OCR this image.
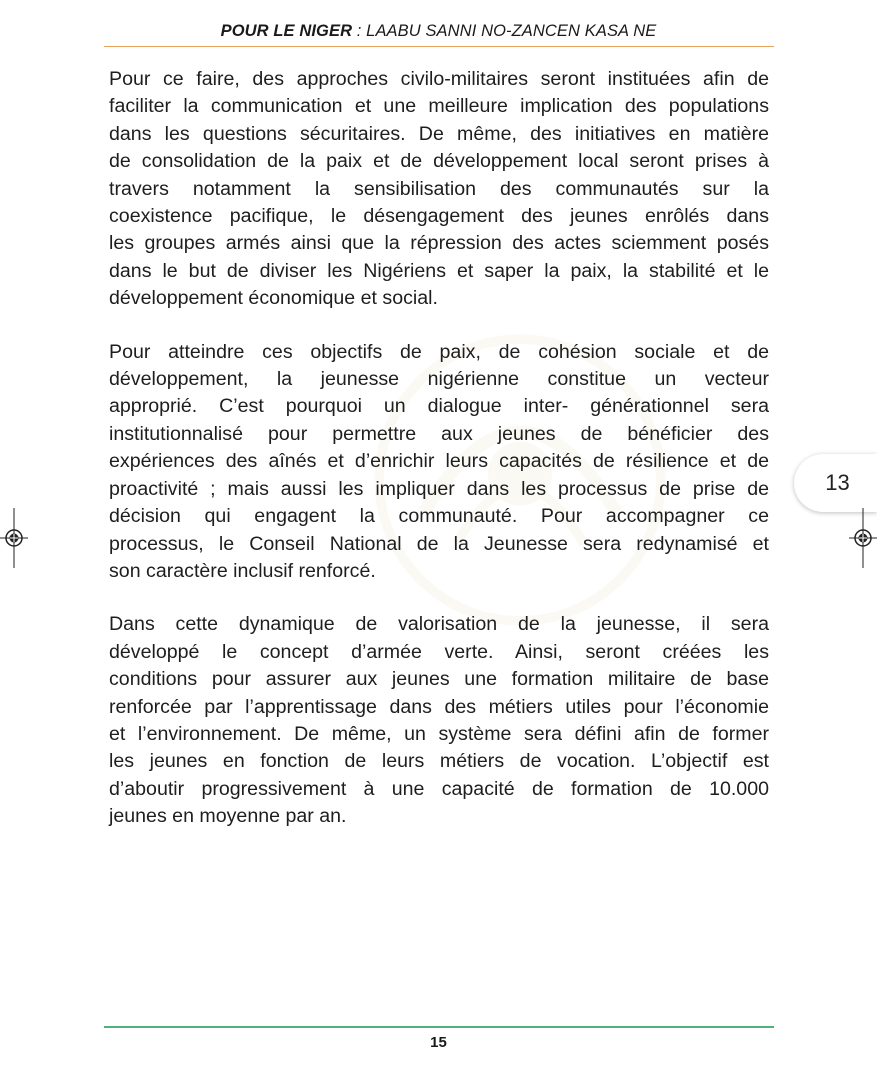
POUR LE NIGER : LAABU SANNI NO-ZANCEN KASA NE

Pour ce faire, des approches civilo-militaires seront instituées afin de
faciliter la communication et une meilleure implication des populations
dans les questions sécuritaires. De même, des initiatives en matière
de consolidation de la paix et de développement local seront prises à
travers notamment la sensibilisation des communautés sur la
coexistence pacifique, le désengagement des jeunes enrôlés dans
les groupes armés ainsi que la répression des actes sciemment posés
dans le but de diviser les Nigériens et saper la paix, la stabilité et le
développement économique et social.

Pour atteindre ces objectifs de paix, de cohésion sociale et de
développement, la jeunesse nigérienne constitue un vecteur
approprié. C’est pourquoi un dialogue inter- générationnel sera
institutionnalisé pour permettre aux jeunes de bénéficier des
expériences des aînés et d’enrichir leurs capacités de résilience et de
proactivité ; mais aussi les impliquer dans les processus de prise de
décision qui engagent la communauté. Pour accompagner ce
processus, le Conseil National de la Jeunesse sera redynamisé et
son caractère inclusif renforcé.

Dans cette dynamique de valorisation de la jeunesse, il sera
développé le concept d’armée verte. Ainsi, seront créées les
conditions pour assurer aux jeunes une formation militaire de base
renforcée par l’apprentissage dans des métiers utiles pour l’économie
et l’environnement. De même, un système sera défini afin de former
les jeunes en fonction de leurs métiers de vocation. L’objectif est
d’aboutir progressivement à une capacité de formation de 10.000
jeunes en moyenne par an.

13
15
